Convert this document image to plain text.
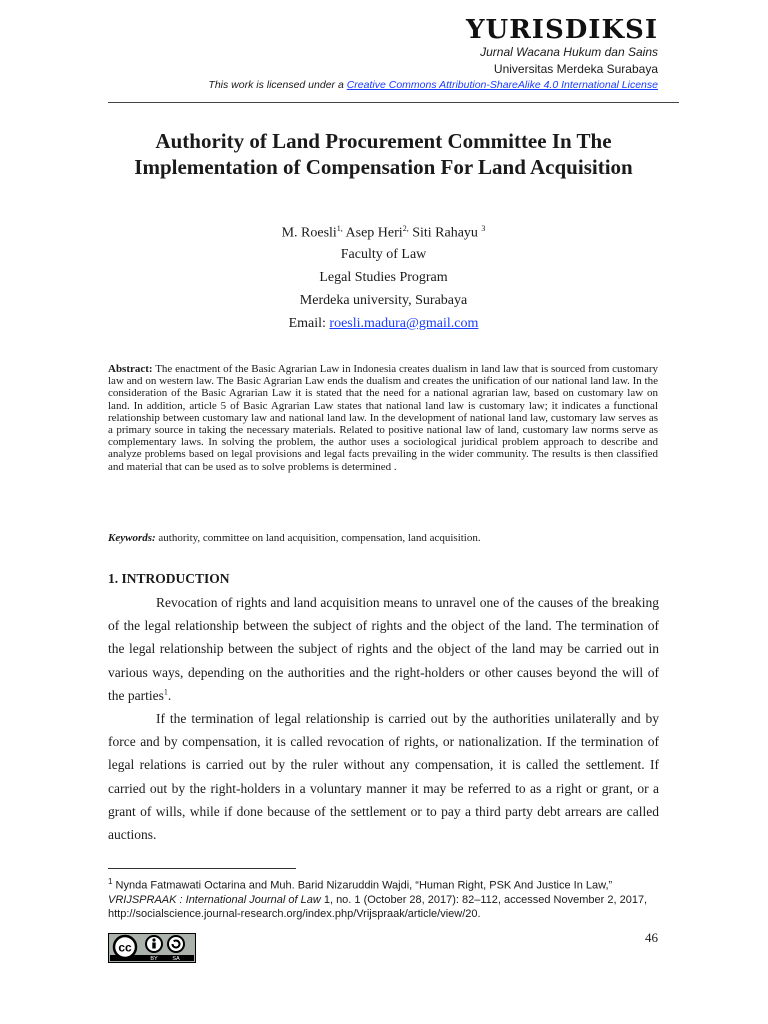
YURISDIKSI
Jurnal Wacana Hukum dan Sains
Universitas Merdeka Surabaya
This work is licensed under a Creative Commons Attribution-ShareAlike 4.0 International License
Authority of Land Procurement Committee In The Implementation of Compensation For Land Acquisition
M. Roesli$^{1,}$ Asep Heri$^{2,}$ Siti Rahayu $^3$
Faculty of Law
Legal Studies Program
Merdeka university, Surabaya
Email: roesli.madura@gmail.com
Abstract: The enactment of the Basic Agrarian Law in Indonesia creates dualism in land law that is sourced from customary law and on western law. The Basic Agrarian Law ends the dualism and creates the unification of our national land law. In the consideration of the Basic Agrarian Law it is stated that the need for a national agrarian law, based on customary law on land. In addition, article 5 of Basic Agrarian Law states that national land law is customary law; it indicates a functional relationship between customary law and national land law. In the development of national land law, customary law serves as a primary source in taking the necessary materials. Related to positive national law of land, customary law norms serve as complementary laws. In solving the problem, the author uses a sociological juridical problem approach to describe and analyze problems based on legal provisions and legal facts prevailing in the wider community. The results is then classified and material that can be used as to solve problems is determined .
Keywords: authority, committee on land acquisition, compensation, land acquisition.
1. INTRODUCTION
Revocation of rights and land acquisition means to unravel one of the causes of the breaking of the legal relationship between the subject of rights and the object of the land. The termination of the legal relationship between the subject of rights and the object of the land may be carried out in various ways, depending on the authorities and the right-holders or other causes beyond the will of the parties$^1$.
If the termination of legal relationship is carried out by the authorities unilaterally and by force and by compensation, it is called revocation of rights, or nationalization. If the termination of legal relations is carried out by the ruler without any compensation, it is called the settlement. If carried out by the right-holders in a voluntary manner it may be referred to as a right or grant, or a grant of wills, while if done because of the settlement or to pay a third party debt arrears are called auctions.
$^1$ Nynda Fatmawati Octarina and Muh. Barid Nizaruddin Wajdi, “Human Right, PSK And Justice In Law,” VRIJSPRAAK : International Journal of Law 1, no. 1 (October 28, 2017): 82–112, accessed November 2, 2017, http://socialscience.journal-research.org/index.php/Vrijspraak/article/view/20.
cc
BY	SA
46
